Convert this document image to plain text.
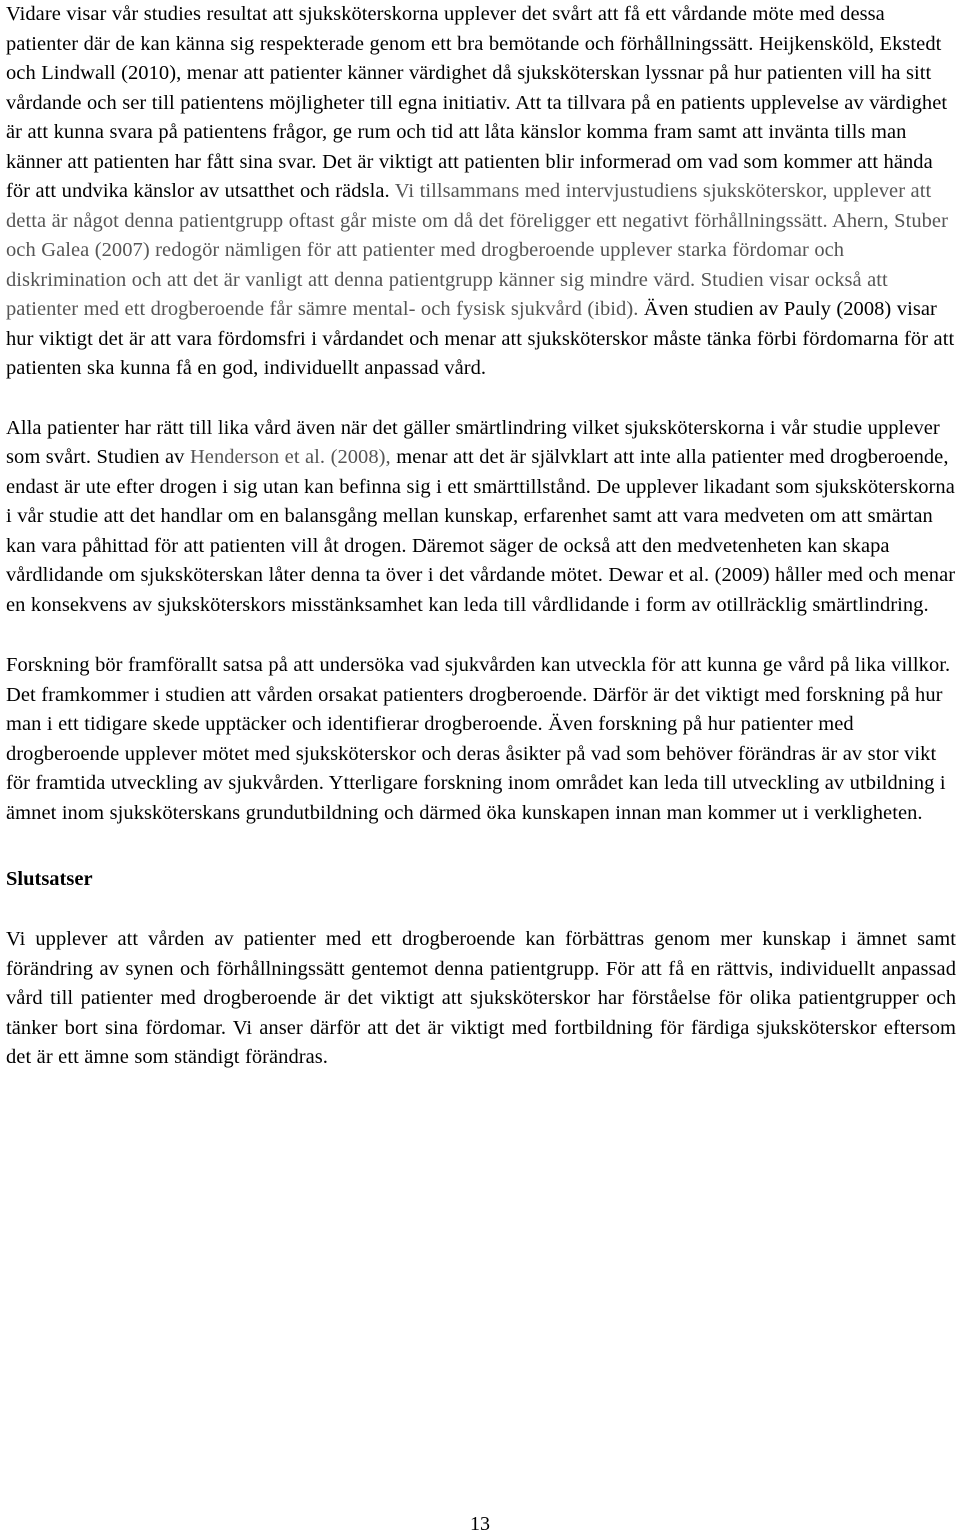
Vidare visar vår studies resultat att sjuksköterskorna upplever det svårt att få ett vårdande möte med dessa patienter där de kan känna sig respekterade genom ett bra bemötande och förhållningssätt. Heijkensköld, Ekstedt och Lindwall (2010), menar att patienter känner värdighet då sjuksköterskan lyssnar på hur patienten vill ha sitt vårdande och ser till patientens möjligheter till egna initiativ. Att ta tillvara på en patients upplevelse av värdighet är att kunna svara på patientens frågor, ge rum och tid att låta känslor komma fram samt att invänta tills man känner att patienten har fått sina svar. Det är viktigt att patienten blir informerad om vad som kommer att hända för att undvika känslor av utsatthet och rädsla. Vi tillsammans med intervjustudiens sjuksköterskor, upplever att detta är något denna patientgrupp oftast går miste om då det föreligger ett negativt förhållningssätt. Ahern, Stuber och Galea (2007) redogör nämligen för att patienter med drogberoende upplever starka fördomar och diskrimination och att det är vanligt att denna patientgrupp känner sig mindre värd. Studien visar också att patienter med ett drogberoende får sämre mental- och fysisk sjukvård (ibid). Även studien av Pauly (2008) visar hur viktigt det är att vara fördomsfri i vårdandet och menar att sjuksköterskor måste tänka förbi fördomarna för att patienten ska kunna få en god, individuellt anpassad vård.

Alla patienter har rätt till lika vård även när det gäller smärtlindring vilket sjuksköterskorna i vår studie upplever som svårt. Studien av Henderson et al. (2008), menar att det är självklart att inte alla patienter med drogberoende, endast är ute efter drogen i sig utan kan befinna sig i ett smärttillstånd. De upplever likadant som sjuksköterskorna i vår studie att det handlar om en balansgång mellan kunskap, erfarenhet samt att vara medveten om att smärtan kan vara påhittad för att patienten vill åt drogen. Däremot säger de också att den medvetenheten kan skapa vårdlidande om sjuksköterskan låter denna ta över i det vårdande mötet. Dewar et al. (2009) håller med och menar en konsekvens av sjuksköterskors misstänksamhet kan leda till vårdlidande i form av otillräcklig smärtlindring.

Forskning bör framförallt satsa på att undersöka vad sjukvården kan utveckla för att kunna ge vård på lika villkor. Det framkommer i studien att vården orsakat patienters drogberoende. Därför är det viktigt med forskning på hur man i ett tidigare skede upptäcker och identifierar drogberoende. Även forskning på hur patienter med drogberoende upplever mötet med sjuksköterskor och deras åsikter på vad som behöver förändras är av stor vikt för framtida utveckling av sjukvården. Ytterligare forskning inom området kan leda till utveckling av utbildning i ämnet inom sjuksköterskans grundutbildning och därmed öka kunskapen innan man kommer ut i verkligheten.

Slutsatser

Vi upplever att vården av patienter med ett drogberoende kan förbättras genom mer kunskap i ämnet samt förändring av synen och förhållningssätt gentemot denna patientgrupp. För att få en rättvis, individuellt anpassad vård till patienter med drogberoende är det viktigt att sjuksköterskor har förståelse för olika patientgrupper och tänker bort sina fördomar. Vi anser därför att det är viktigt med fortbildning för färdiga sjuksköterskor eftersom det är ett ämne som ständigt förändras.

13
